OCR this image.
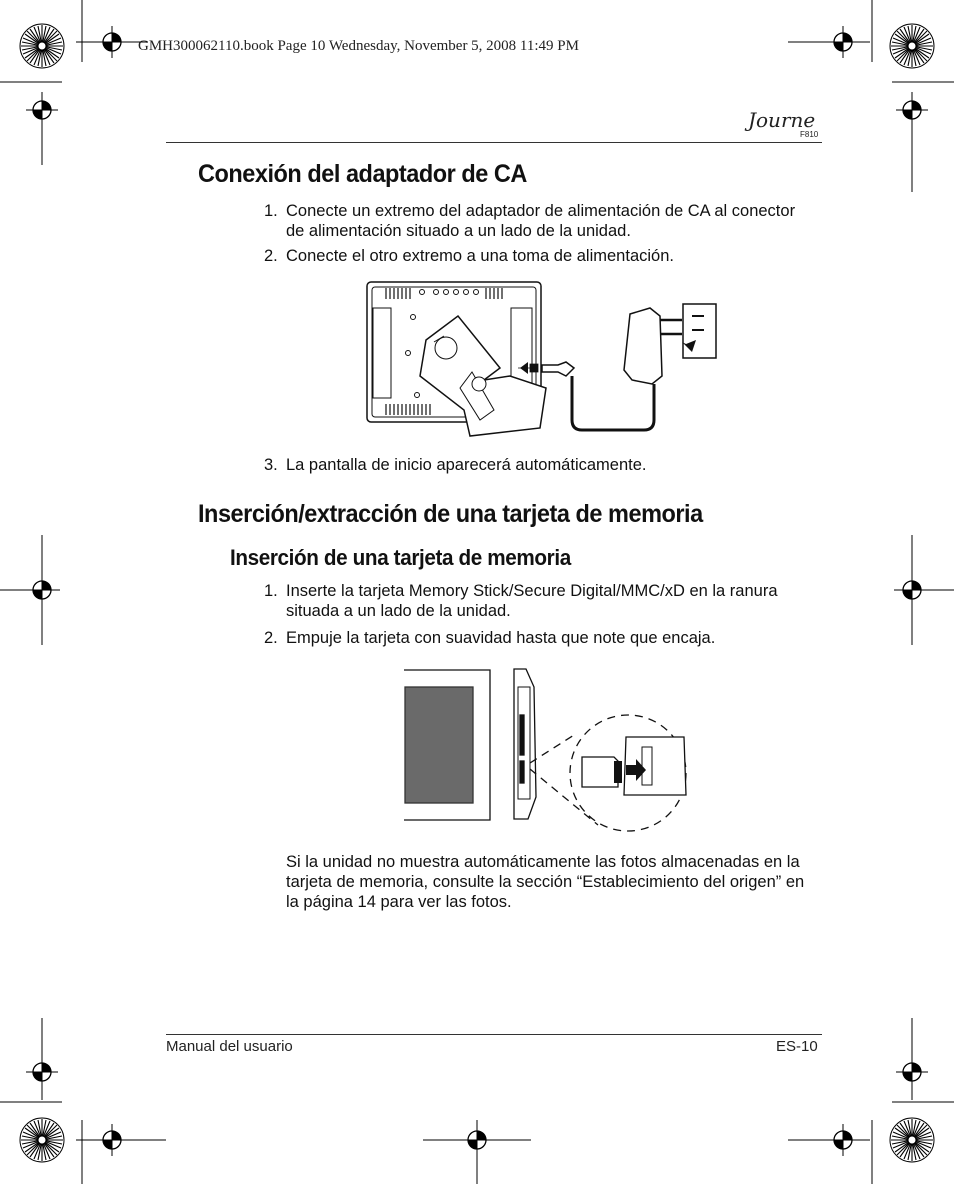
GMH300062110.book Page 10 Wednesday, November 5, 2008 11:49 PM
Journe
F810
Conexión del adaptador de CA
1. Conecte un extremo del adaptador de alimentación de CA al conector de alimentación situado a un lado de la unidad.
2. Conecte el otro extremo a una toma de alimentación.
3. La pantalla de inicio aparecerá automáticamente.
Inserción/extracción de una tarjeta de memoria
Inserción de una tarjeta de memoria
1. Inserte la tarjeta Memory Stick/Secure Digital/MMC/xD en la ranura situada a un lado de la unidad.
2. Empuje la tarjeta con suavidad hasta que note que encaja.
Si la unidad no muestra automáticamente las fotos almacenadas en la tarjeta de memoria, consulte la sección “Establecimiento del origen” en la página 14 para ver las fotos.
Manual del usuario	ES-10
